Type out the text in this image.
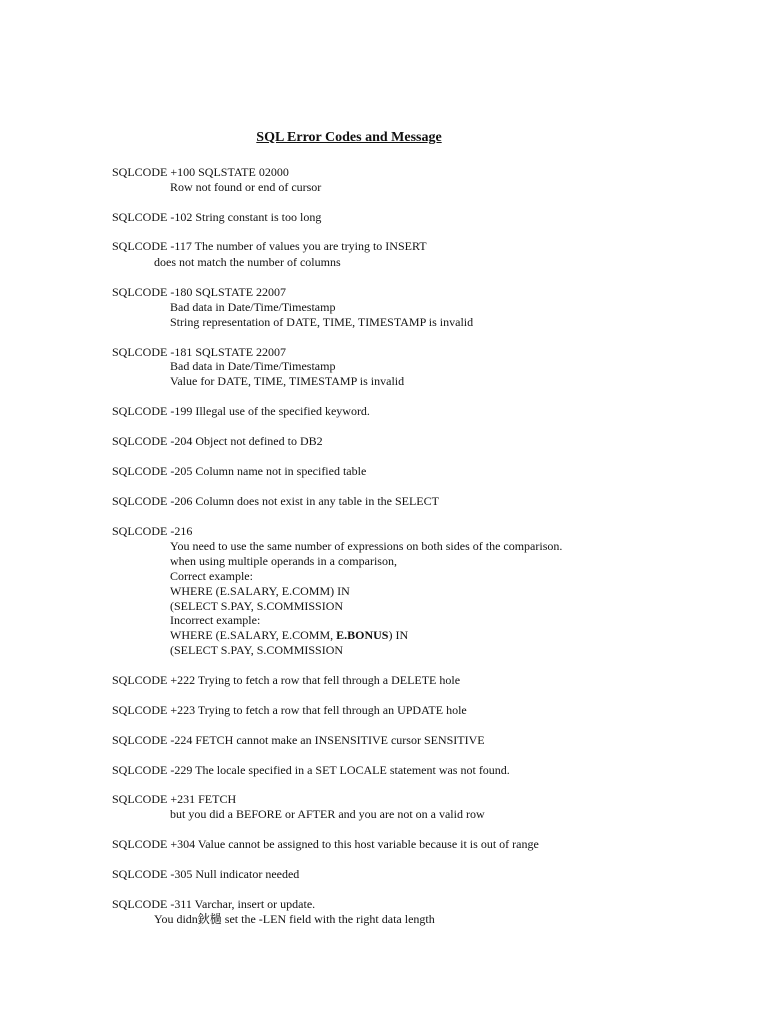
SQL Error Codes and Message
SQLCODE +100 SQLSTATE 02000
Row not found or end of cursor
SQLCODE -102 String constant is too long
SQLCODE -117 The number of values you are trying to INSERT
does not match the number of columns
SQLCODE -180 SQLSTATE 22007
Bad data in Date/Time/Timestamp
String representation of DATE, TIME, TIMESTAMP is invalid
SQLCODE -181 SQLSTATE 22007
Bad data in Date/Time/Timestamp
Value for DATE, TIME, TIMESTAMP is invalid
SQLCODE -199 Illegal use of the specified keyword.
SQLCODE -204 Object not defined to DB2
SQLCODE -205 Column name not in specified table
SQLCODE -206 Column does not exist in any table in the SELECT
SQLCODE -216
You need to use the same number of expressions on both sides of the comparison.
when using multiple operands in a comparison,
Correct example:
WHERE (E.SALARY, E.COMM) IN
(SELECT S.PAY, S.COMMISSION
Incorrect example:
WHERE (E.SALARY, E.COMM, E.BONUS) IN
(SELECT S.PAY, S.COMMISSION
SQLCODE +222 Trying to fetch a row that fell through a DELETE hole
SQLCODE +223 Trying to fetch a row that fell through an UPDATE hole
SQLCODE -224 FETCH cannot make an INSENSITIVE cursor SENSITIVE
SQLCODE -229 The locale specified in a SET LOCALE statement was not found.
SQLCODE +231 FETCH
but you did a BEFORE or AFTER and you are not on a valid row
SQLCODE +304 Value cannot be assigned to this host variable because it is out of range
SQLCODE -305 Null indicator needed
SQLCODE -311 Varchar, insert or update.
You didn鈥檛 set the -LEN field with the right data length
